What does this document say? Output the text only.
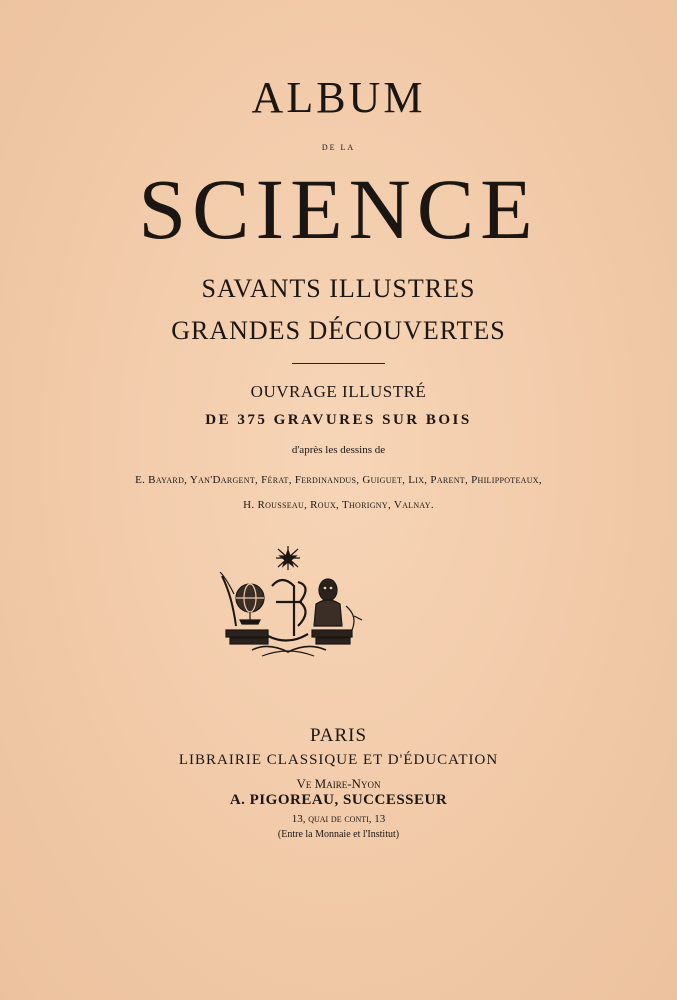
ALBUM
DE LA
SCIENCE
SAVANTS ILLUSTRES
GRANDES DÉCOUVERTES
OUVRAGE ILLUSTRÉ
DE 375 GRAVURES SUR BOIS
d'après les dessins de
E. Bayard, Yan'Dargent, Férat, Ferdinandus, Guiguet, Lix, Parent, Philippoteaux,
H. Rousseau, Roux, Thorigny, Valnay.
PARIS
LIBRAIRIE CLASSIQUE ET D'ÉDUCATION
Ve Maire-Nyon
A. PIGOREAU, SUCCESSEUR
13, quai de conti, 13
(Entre la Monnaie et l'Institut)
